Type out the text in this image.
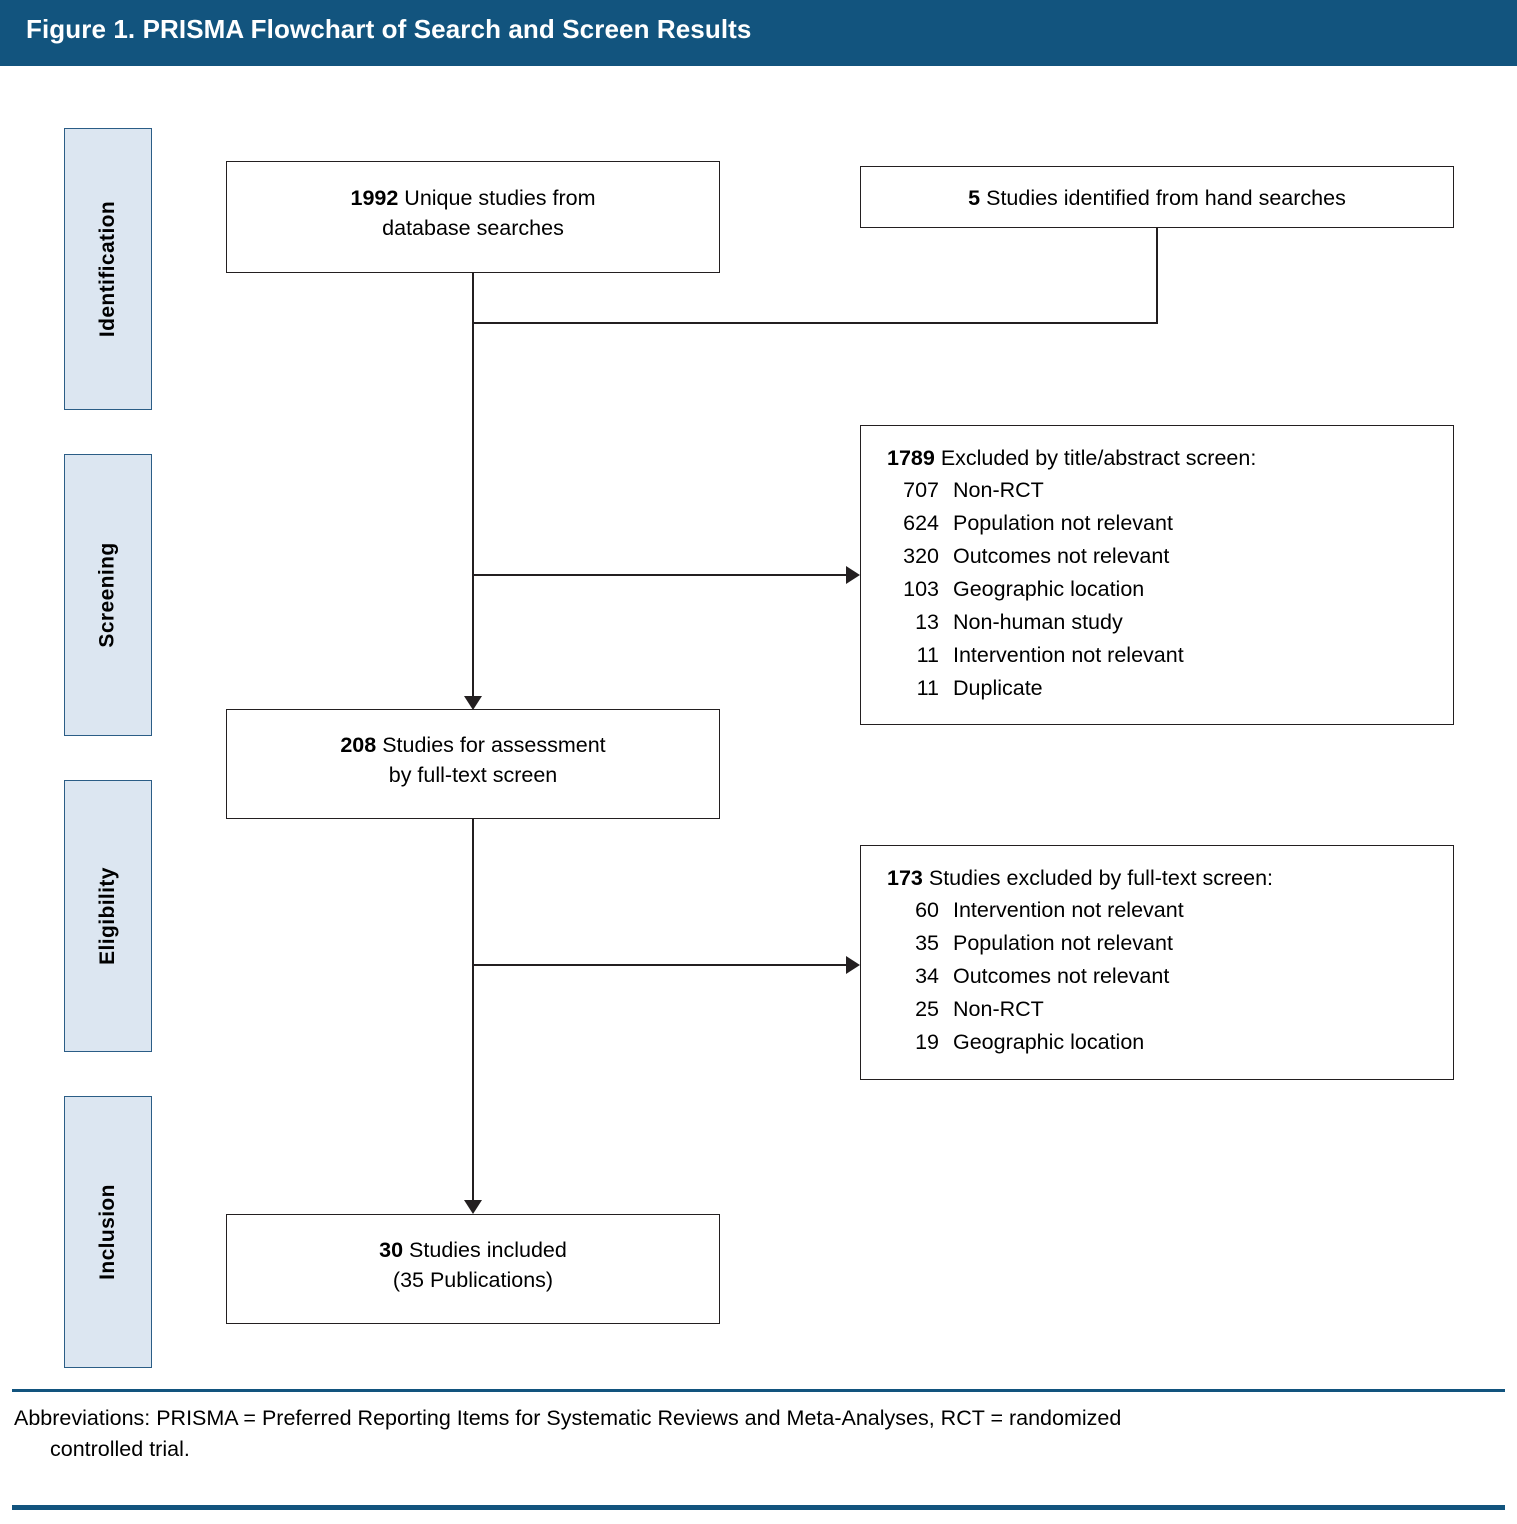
Figure 1. PRISMA Flowchart of Search and Screen Results
Identification
Screening
Eligibility
Inclusion
1992 Unique studies from
database searches
5 Studies identified from hand searches
1789 Excluded by title/abstract screen:
707 Non-RCT
624 Population not relevant
320 Outcomes not relevant
103 Geographic location
13 Non-human study
11 Intervention not relevant
11 Duplicate
208 Studies for assessment
by full-text screen
173 Studies excluded by full-text screen:
60 Intervention not relevant
35 Population not relevant
34 Outcomes not relevant
25 Non-RCT
19 Geographic location
30 Studies included
(35 Publications)
Abbreviations: PRISMA = Preferred Reporting Items for Systematic Reviews and Meta-Analyses, RCT = randomized
controlled trial.
